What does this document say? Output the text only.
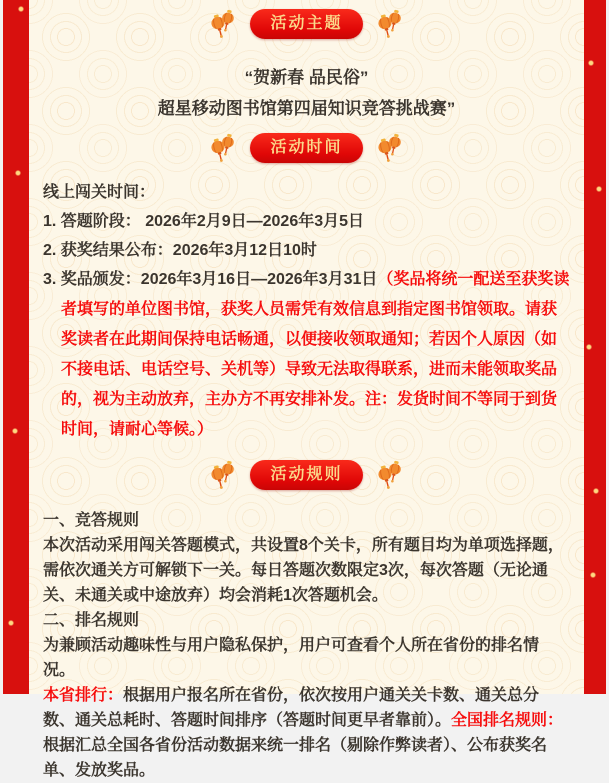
活动主题
“贺新春 品民俗”
超星移动图书馆第四届知识竞答挑战赛”
活动时间
线上闯关时间：
1. 答题阶段： 2026年2月9日—2026年3月5日
2. 获奖结果公布：2026年3月12日10时
3. 奖品颁发：2026年3月16日—2026年3月31日（奖品将统一配送至获奖读者填写的单位图书馆，获奖人员需凭有效信息到指定图书馆领取。请获奖读者在此期间保持电话畅通，以便接收领取通知；若因个人原因（如不接电话、电话空号、关机等）导致无法取得联系，进而未能领取奖品的，视为主动放弃，主办方不再安排补发。注：发货时间不等同于到货时间，请耐心等候。）
活动规则
一、竞答规则
本次活动采用闯关答题模式，共设置8个关卡，所有题目均为单项选择题，需依次通关方可解锁下一关。每日答题次数限定3次，每次答题（无论通关、未通关或中途放弃）均会消耗1次答题机会。
二、排名规则
为兼顾活动趣味性与用户隐私保护，用户可查看个人所在省份的排名情况。
本省排行：根据用户报名所在省份，依次按用户通关关卡数、通关总分数、通关总耗时、答题时间排序（答题时间更早者靠前）。全国排名规则：根据汇总全国各省份活动数据来统一排名（剔除作弊读者）、公布获奖名单、发放奖品。
